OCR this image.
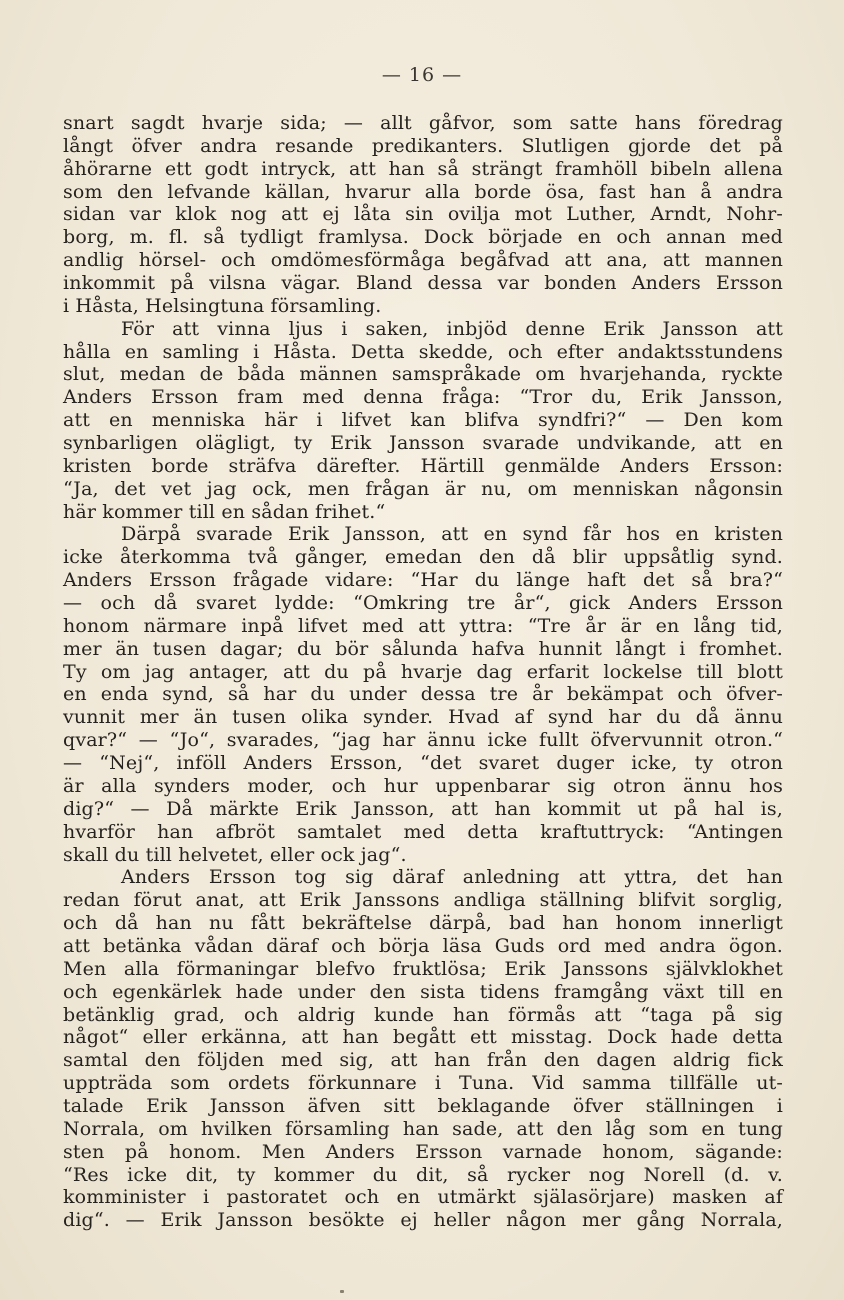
— 16 —
snart sagdt hvarje sida; — allt gåfvor, som satte hans föredrag
långt öfver andra resande predikanters. Slutligen gjorde det på
åhörarne ett godt intryck, att han så strängt framhöll bibeln allena
som den lefvande källan, hvarur alla borde ösa, fast han å andra
sidan var klok nog att ej låta sin ovilja mot Luther, Arndt, Nohr-
borg, m. fl. så tydligt framlysa. Dock började en och annan med
andlig hörsel- och omdömesförmåga begåfvad att ana, att mannen
inkommit på vilsna vägar. Bland dessa var bonden Anders Ersson
i Håsta, Helsingtuna församling.
För att vinna ljus i saken, inbjöd denne Erik Jansson att
hålla en samling i Håsta. Detta skedde, och efter andaktsstundens
slut, medan de båda männen samspråkade om hvarjehanda, ryckte
Anders Ersson fram med denna fråga: “Tror du, Erik Jansson,
att en menniska här i lifvet kan blifva syndfri?“ — Den kom
synbarligen olägligt, ty Erik Jansson svarade undvikande, att en
kristen borde sträfva därefter. Härtill genmälde Anders Ersson:
“Ja, det vet jag ock, men frågan är nu, om menniskan någonsin
här kommer till en sådan frihet.“
Därpå svarade Erik Jansson, att en synd får hos en kristen
icke återkomma två gånger, emedan den då blir uppsåtlig synd.
Anders Ersson frågade vidare: “Har du länge haft det så bra?“
— och då svaret lydde: “Omkring tre år“, gick Anders Ersson
honom närmare inpå lifvet med att yttra: “Tre år är en lång tid,
mer än tusen dagar; du bör sålunda hafva hunnit långt i fromhet.
Ty om jag antager, att du på hvarje dag erfarit lockelse till blott
en enda synd, så har du under dessa tre år bekämpat och öfver-
vunnit mer än tusen olika synder. Hvad af synd har du då ännu
qvar?“ — “Jo“, svarades, “jag har ännu icke fullt öfvervunnit otron.“
— “Nej“, inföll Anders Ersson, “det svaret duger icke, ty otron
är alla synders moder, och hur uppenbarar sig otron ännu hos
dig?“ — Då märkte Erik Jansson, att han kommit ut på hal is,
hvarför han afbröt samtalet med detta kraftuttryck: “Antingen
skall du till helvetet, eller ock jag“.
Anders Ersson tog sig däraf anledning att yttra, det han
redan förut anat, att Erik Janssons andliga ställning blifvit sorglig,
och då han nu fått bekräftelse därpå, bad han honom innerligt
att betänka vådan däraf och börja läsa Guds ord med andra ögon.
Men alla förmaningar blefvo fruktlösa; Erik Janssons självklokhet
och egenkärlek hade under den sista tidens framgång växt till en
betänklig grad, och aldrig kunde han förmås att “taga på sig
något“ eller erkänna, att han begått ett misstag. Dock hade detta
samtal den följden med sig, att han från den dagen aldrig fick
uppträda som ordets förkunnare i Tuna. Vid samma tillfälle ut-
talade Erik Jansson äfven sitt beklagande öfver ställningen i
Norrala, om hvilken församling han sade, att den låg som en tung
sten på honom. Men Anders Ersson varnade honom, sägande:
“Res icke dit, ty kommer du dit, så rycker nog Norell (d. v.
komminister i pastoratet och en utmärkt själasörjare) masken af
dig“. — Erik Jansson besökte ej heller någon mer gång Norrala,
